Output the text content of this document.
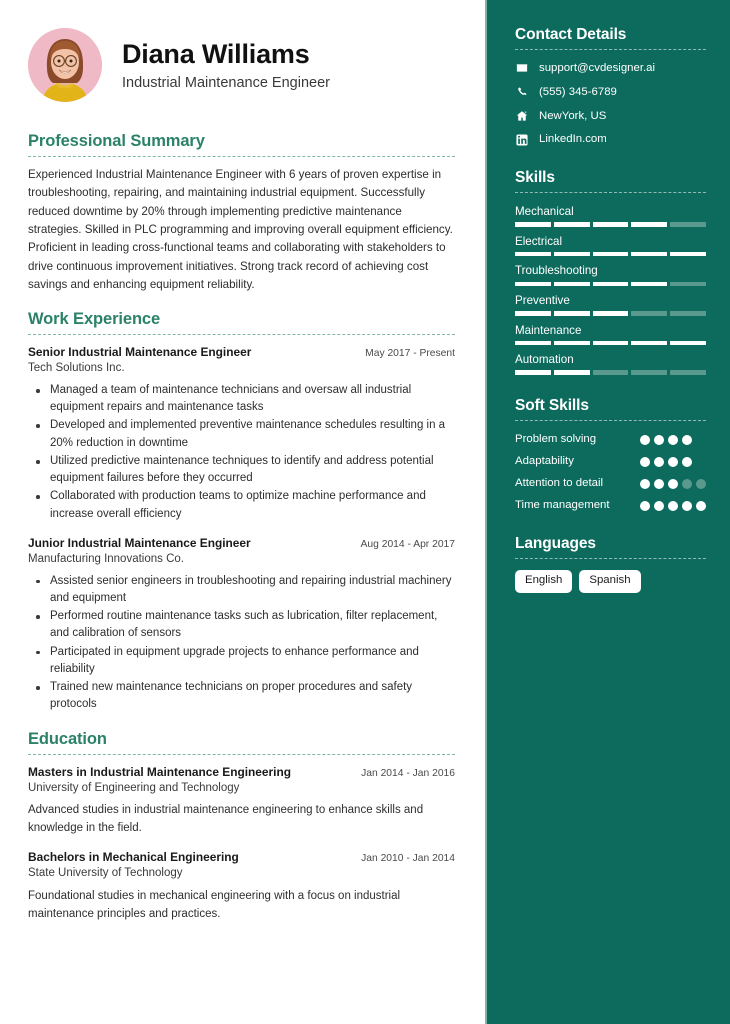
Diana Williams
Industrial Maintenance Engineer
Professional Summary
Experienced Industrial Maintenance Engineer with 6 years of proven expertise in troubleshooting, repairing, and maintaining industrial equipment. Successfully reduced downtime by 20% through implementing predictive maintenance strategies. Skilled in PLC programming and improving overall equipment efficiency. Proficient in leading cross-functional teams and collaborating with stakeholders to drive continuous improvement initiatives. Strong track record of achieving cost savings and enhancing equipment reliability.
Work Experience
Senior Industrial Maintenance Engineer	May 2017 - Present
Tech Solutions Inc.
Managed a team of maintenance technicians and oversaw all industrial equipment repairs and maintenance tasks
Developed and implemented preventive maintenance schedules resulting in a 20% reduction in downtime
Utilized predictive maintenance techniques to identify and address potential equipment failures before they occurred
Collaborated with production teams to optimize machine performance and increase overall efficiency
Junior Industrial Maintenance Engineer	Aug 2014 - Apr 2017
Manufacturing Innovations Co.
Assisted senior engineers in troubleshooting and repairing industrial machinery and equipment
Performed routine maintenance tasks such as lubrication, filter replacement, and calibration of sensors
Participated in equipment upgrade projects to enhance performance and reliability
Trained new maintenance technicians on proper procedures and safety protocols
Education
Masters in Industrial Maintenance Engineering	Jan 2014 - Jan 2016
University of Engineering and Technology
Advanced studies in industrial maintenance engineering to enhance skills and knowledge in the field.
Bachelors in Mechanical Engineering	Jan 2010 - Jan 2014
State University of Technology
Foundational studies in mechanical engineering with a focus on industrial maintenance principles and practices.
Contact Details
support@cvdesigner.ai
(555) 345-6789
NewYork, US
LinkedIn.com
Skills
Mechanical
Electrical
Troubleshooting
Preventive
Maintenance
Automation
Soft Skills
Problem solving
Adaptability
Attention to detail
Time management
Languages
English	Spanish
